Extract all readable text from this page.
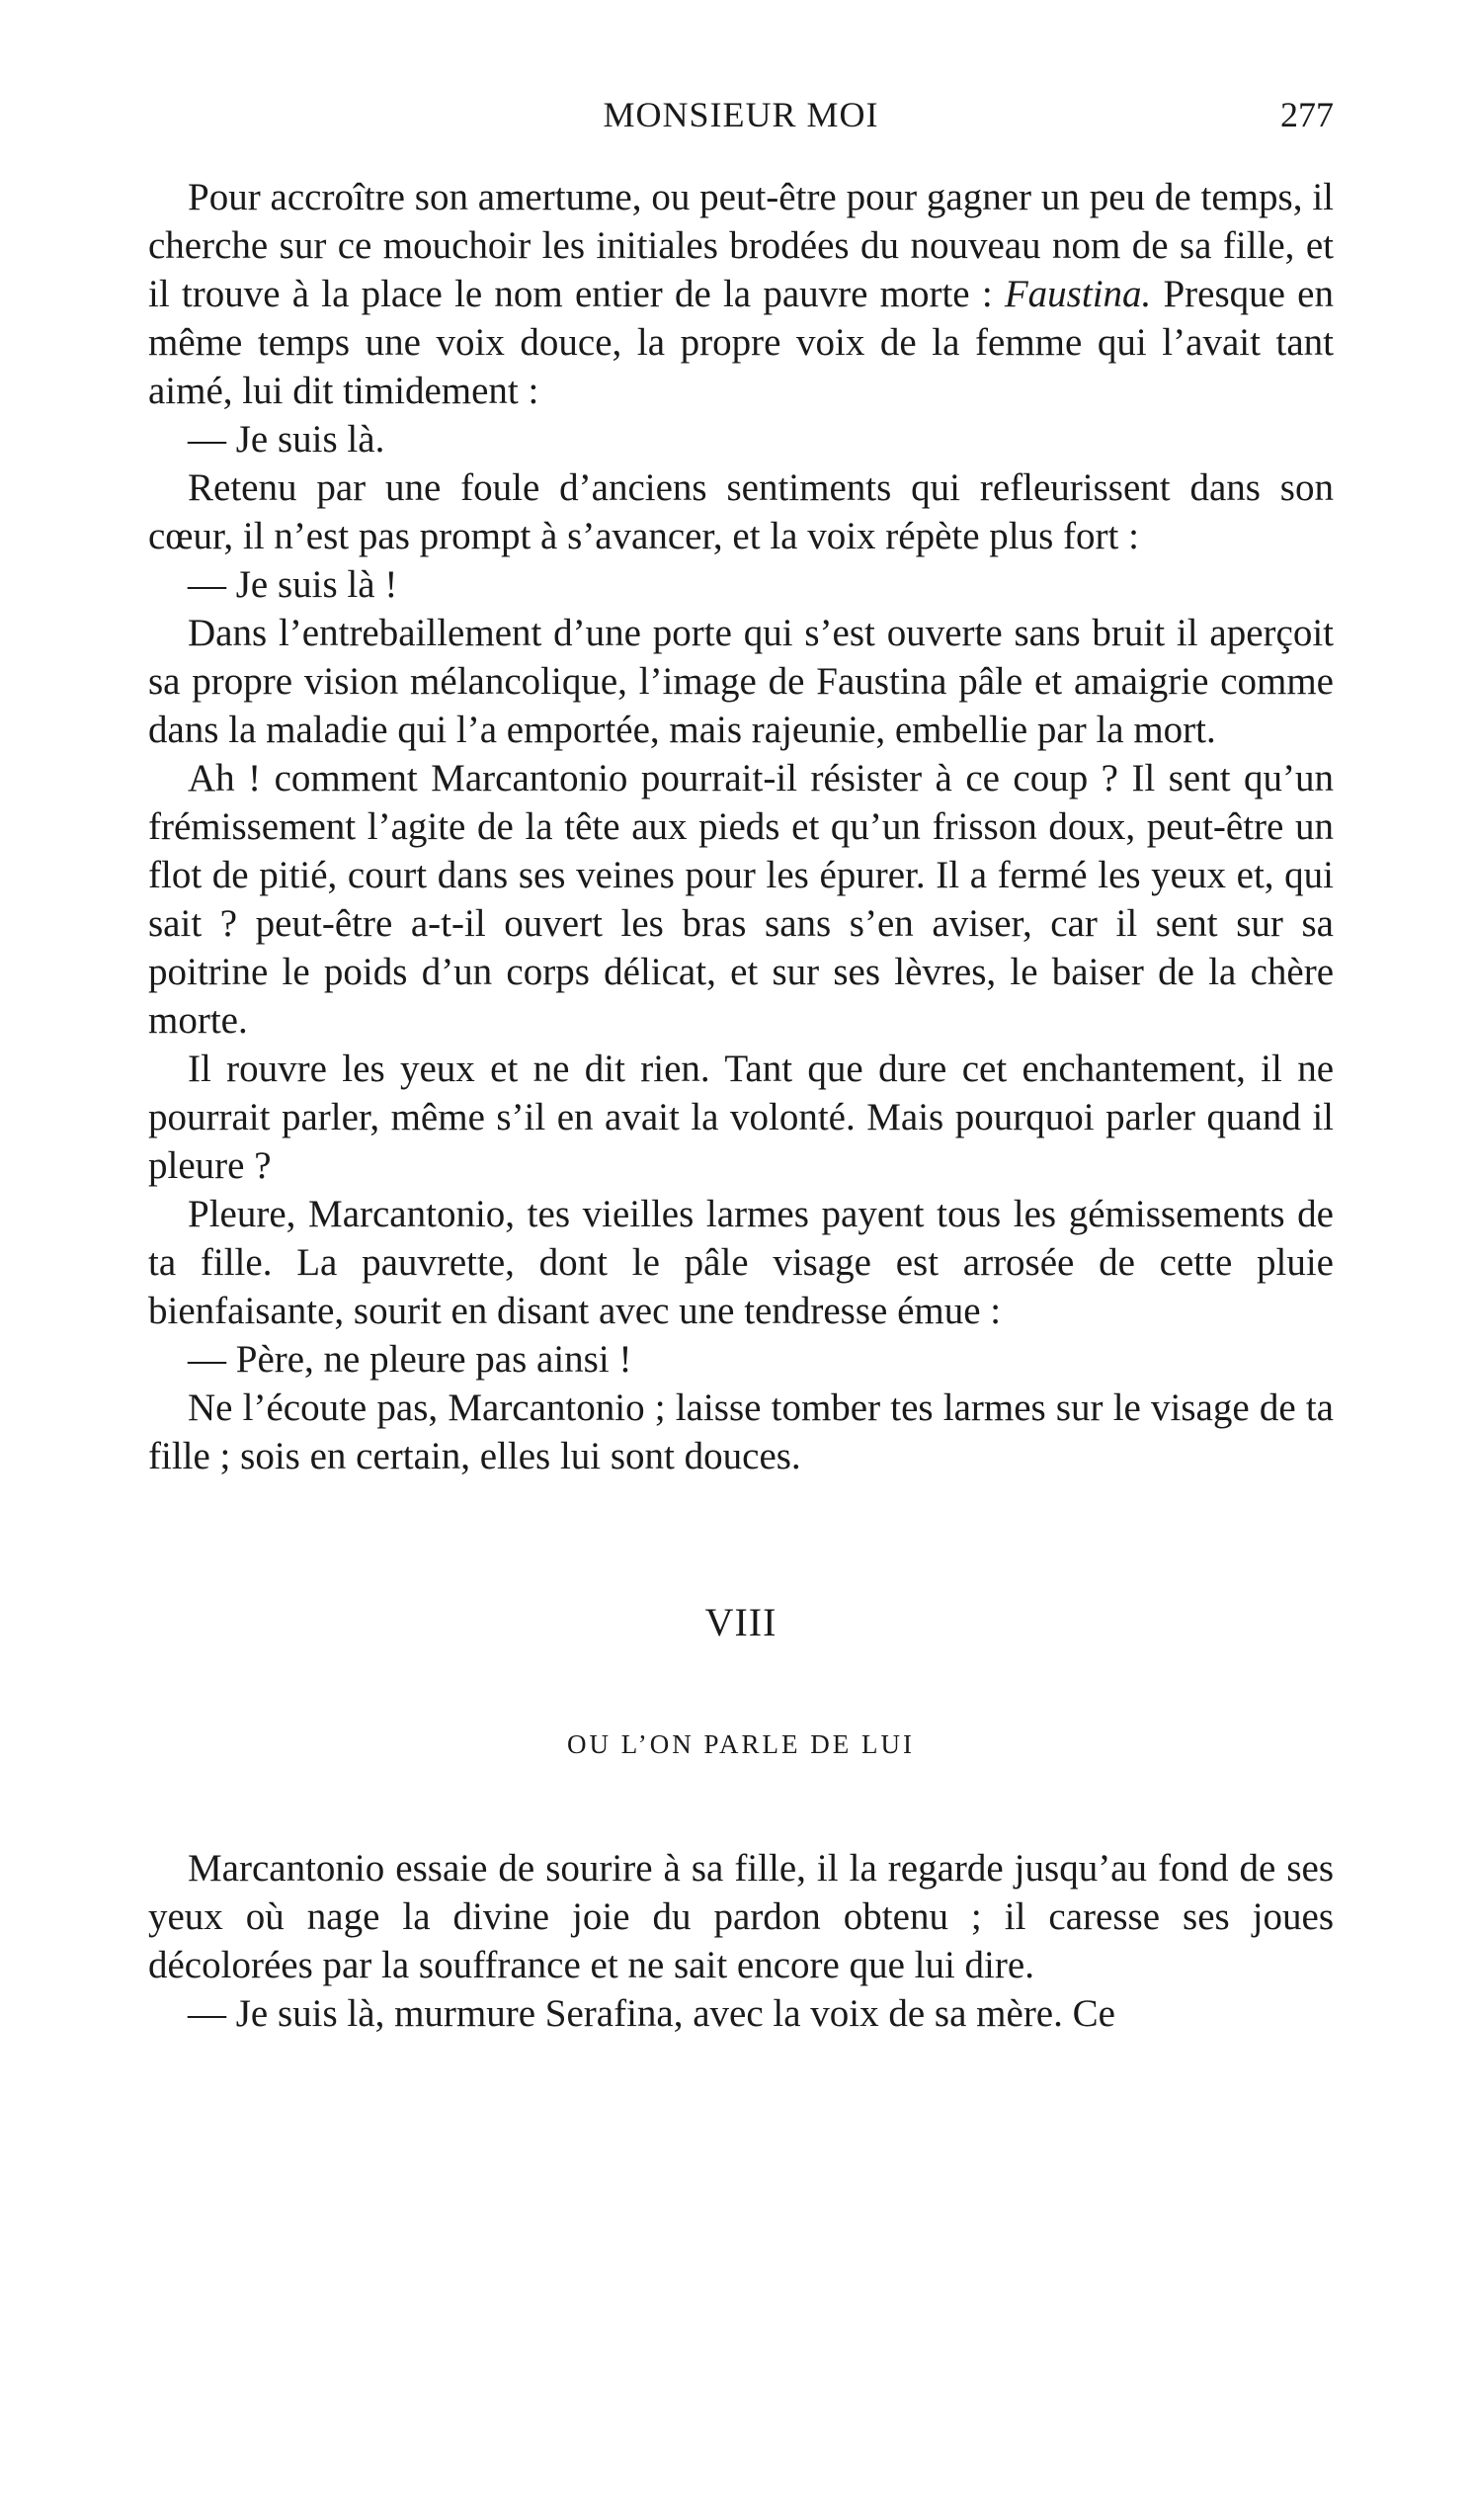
MONSIEUR MOI	277

Pour accroître son amertume, ou peut-être pour gagner un peu de temps, il cherche sur ce mouchoir les initiales brodées du nouveau nom de sa fille, et il trouve à la place le nom entier de la pauvre morte : Faustina. Presque en même temps une voix douce, la propre voix de la femme qui l’avait tant aimé, lui dit timidement :

— Je suis là.

Retenu par une foule d’anciens sentiments qui refleurissent dans son cœur, il n’est pas prompt à s’avancer, et la voix répète plus fort :

— Je suis là !

Dans l’entrebaillement d’une porte qui s’est ouverte sans bruit il aperçoit sa propre vision mélancolique, l’image de Faustina pâle et amaigrie comme dans la maladie qui l’a emportée, mais rajeunie, embellie par la mort.

Ah ! comment Marcantonio pourrait-il résister à ce coup ? Il sent qu’un frémissement l’agite de la tête aux pieds et qu’un frisson doux, peut-être un flot de pitié, court dans ses veines pour les épurer. Il a fermé les yeux et, qui sait ? peut-être a-t-il ouvert les bras sans s’en aviser, car il sent sur sa poitrine le poids d’un corps délicat, et sur ses lèvres, le baiser de la chère morte.

Il rouvre les yeux et ne dit rien. Tant que dure cet enchantement, il ne pourrait parler, même s’il en avait la volonté. Mais pourquoi parler quand il pleure ?

Pleure, Marcantonio, tes vieilles larmes payent tous les gémissements de ta fille. La pauvrette, dont le pâle visage est arrosée de cette pluie bienfaisante, sourit en disant avec une tendresse émue :

— Père, ne pleure pas ainsi !

Ne l’écoute pas, Marcantonio ; laisse tomber tes larmes sur le visage de ta fille ; sois en certain, elles lui sont douces.

VIII
OU L’ON PARLE DE LUI

Marcantonio essaie de sourire à sa fille, il la regarde jusqu’au fond de ses yeux où nage la divine joie du pardon obtenu ; il caresse ses joues décolorées par la souffrance et ne sait encore que lui dire.

— Je suis là, murmure Serafina, avec la voix de sa mère. Ce
